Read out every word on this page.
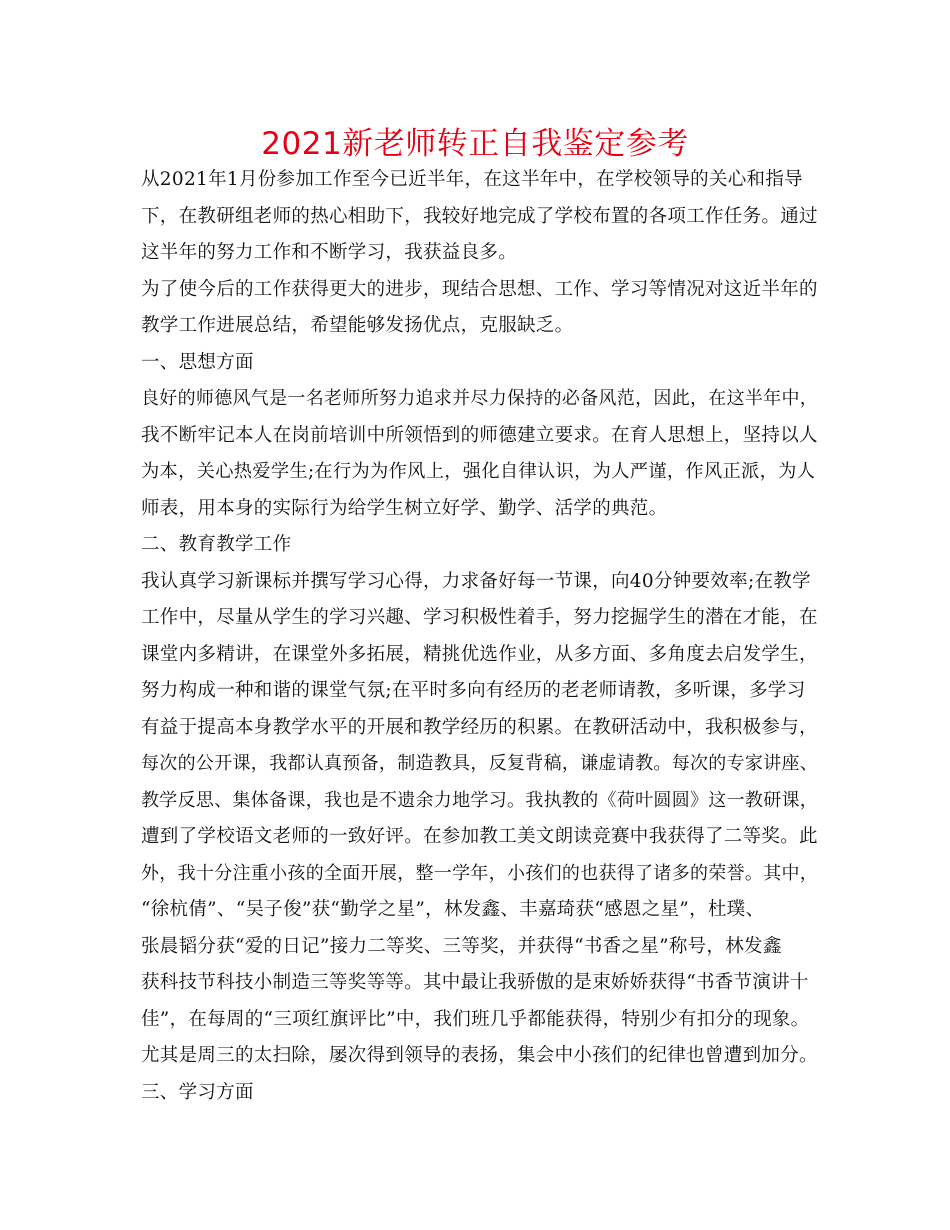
2021新老师转正自我鉴定参考
从2021年1月份参加工作至今已近半年，在这半年中，在学校领导的关心和指导
下，在教研组老师的热心相助下，我较好地完成了学校布置的各项工作任务。通过
这半年的努力工作和不断学习，我获益良多。
为了使今后的工作获得更大的进步，现结合思想、工作、学习等情况对这近半年的
教学工作进展总结，希望能够发扬优点，克服缺乏。
一、思想方面
良好的师德风气是一名老师所努力追求并尽力保持的必备风范，因此，在这半年中，
我不断牢记本人在岗前培训中所领悟到的师德建立要求。在育人思想上，坚持以人
为本，关心热爱学生;在行为为作风上，强化自律认识，为人严谨，作风正派，为人
师表，用本身的实际行为给学生树立好学、勤学、活学的典范。
二、教育教学工作
我认真学习新课标并撰写学习心得，力求备好每一节课，向40分钟要效率;在教学
工作中，尽量从学生的学习兴趣、学习积极性着手，努力挖掘学生的潜在才能，在
课堂内多精讲，在课堂外多拓展，精挑优选作业，从多方面、多角度去启发学生，
努力构成一种和谐的课堂气氛;在平时多向有经历的老老师请教，多听课，多学习
有益于提高本身教学水平的开展和教学经历的积累。在教研活动中，我积极参与，
每次的公开课，我都认真预备，制造教具，反复背稿，谦虚请教。每次的专家讲座、
教学反思、集体备课，我也是不遗余力地学习。我执教的《荷叶圆圆》这一教研课，
遭到了学校语文老师的一致好评。在参加教工美文朗读竞赛中我获得了二等奖。此
外，我十分注重小孩的全面开展，整一学年，小孩们的也获得了诸多的荣誉。其中，
“徐杭倩”、“吴子俊”获“勤学之星”，林发鑫、丰嘉琦获“感恩之星”，杜璞、
张晨韬分获“爱的日记”接力二等奖、三等奖，并获得“书香之星”称号，林发鑫
获科技节科技小制造三等奖等等。其中最让我骄傲的是束娇娇获得“书香节演讲十
佳”，在每周的“三项红旗评比”中，我们班几乎都能获得，特别少有扣分的现象。
尤其是周三的太扫除，屡次得到领导的表扬，集会中小孩们的纪律也曾遭到加分。
三、学习方面
